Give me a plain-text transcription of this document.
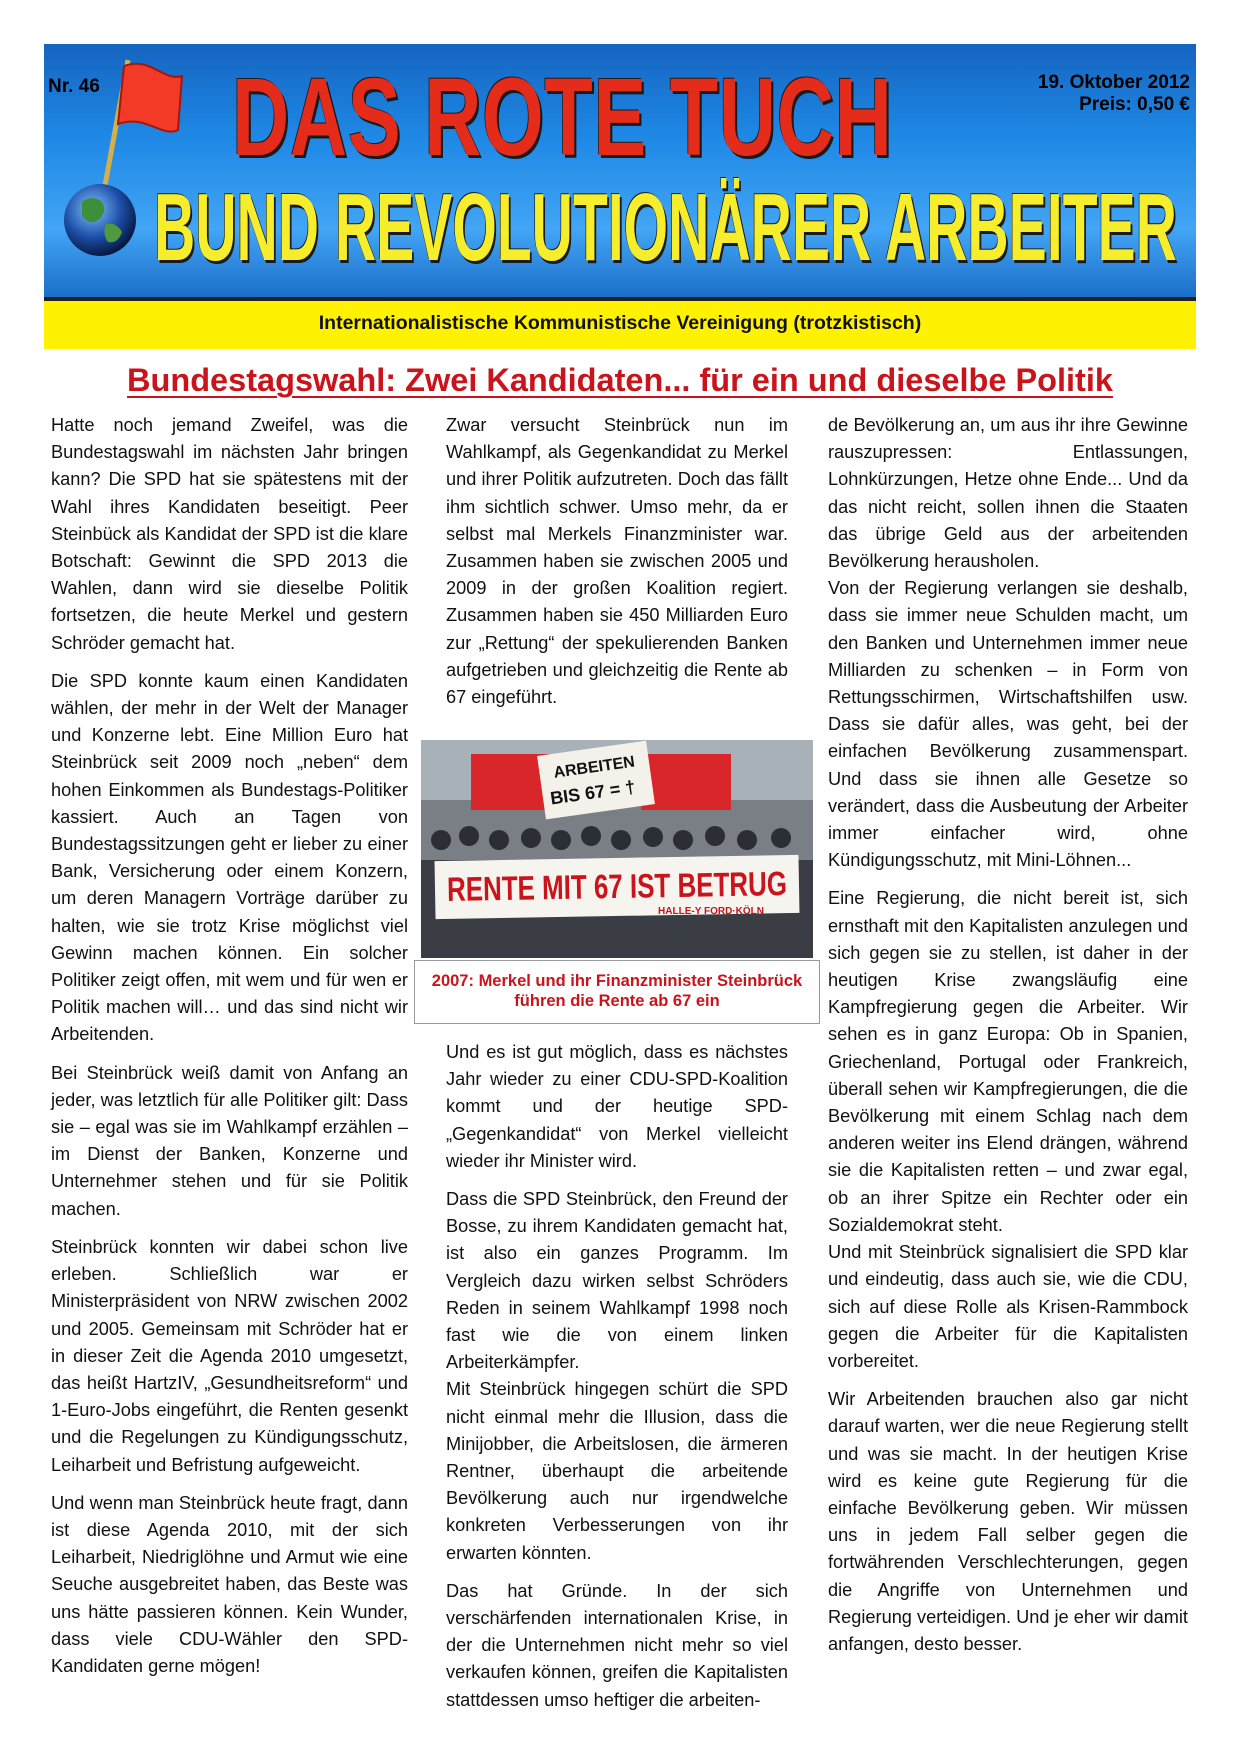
Nr. 46 DAS ROTE TUCH	19. Oktober 2012
Preis: 0,50 €
BUND REVOLUTIONÄRER ARBEITER
Internationalistische Kommunistische Vereinigung (trotzkistisch)
Bundestagswahl: Zwei Kandidaten... für ein und dieselbe Politik

Hatte noch jemand Zweifel, was die Bundestagswahl im nächsten Jahr bringen kann? Die SPD hat sie spätestens mit der Wahl ihres Kandidaten beseitigt. Peer Steinbück als Kandidat der SPD ist die klare Botschaft: Gewinnt die SPD 2013 die Wahlen, dann wird sie dieselbe Politik fortsetzen, die heute Merkel und gestern Schröder gemacht hat.

Die SPD konnte kaum einen Kandidaten wählen, der mehr in der Welt der Manager und Konzerne lebt. Eine Million Euro hat Steinbrück seit 2009 noch „neben“ dem hohen Einkommen als Bundestags-Politiker kassiert. Auch an Tagen von Bundestagssitzungen geht er lieber zu einer Bank, Versicherung oder einem Konzern, um deren Managern Vorträge darüber zu halten, wie sie trotz Krise möglichst viel Gewinn machen können. Ein solcher Politiker zeigt offen, mit wem und für wen er Politik machen will… und das sind nicht wir Arbeitenden.

Bei Steinbrück weiß damit von Anfang an jeder, was letztlich für alle Politiker gilt: Dass sie – egal was sie im Wahlkampf erzählen – im Dienst der Banken, Konzerne und Unternehmer stehen und für sie Politik machen.

Steinbrück konnten wir dabei schon live erleben. Schließlich war er Ministerpräsident von NRW zwischen 2002 und 2005. Gemeinsam mit Schröder hat er in dieser Zeit die Agenda 2010 umgesetzt, das heißt HartzIV, „Gesundheitsreform“ und 1-Euro-Jobs eingeführt, die Renten gesenkt und die Regelungen zu Kündigungsschutz, Leiharbeit und Befristung aufgeweicht.

Und wenn man Steinbrück heute fragt, dann ist diese Agenda 2010, mit der sich Leiharbeit, Niedriglöhne und Armut wie eine Seuche ausgebreitet haben, das Beste was uns hätte passieren können. Kein Wunder, dass viele CDU-Wähler den SPD-Kandidaten gerne mögen!

Zwar versucht Steinbrück nun im Wahlkampf, als Gegenkandidat zu Merkel und ihrer Politik aufzutreten. Doch das fällt ihm sichtlich schwer. Umso mehr, da er selbst mal Merkels Finanzminister war. Zusammen haben sie zwischen 2005 und 2009 in der großen Koalition regiert. Zusammen haben sie 450 Milliarden Euro zur „Rettung“ der spekulierenden Banken aufgetrieben und gleichzeitig die Rente ab 67 eingeführt.

ARBEITEN
BIS 67 = †
RENTE MIT 67 IST BETRUG
HALLE-Y FORD·KÖLN
2007: Merkel und ihr Finanzminister Steinbrück führen die Rente ab 67 ein

Und es ist gut möglich, dass es nächstes Jahr wieder zu einer CDU-SPD-Koalition kommt und der heutige SPD-„Gegenkandidat“ von Merkel vielleicht wieder ihr Minister wird.

Dass die SPD Steinbrück, den Freund der Bosse, zu ihrem Kandidaten gemacht hat, ist also ein ganzes Programm. Im Vergleich dazu wirken selbst Schröders Reden in seinem Wahlkampf 1998 noch fast wie die von einem linken Arbeiterkämpfer.

Mit Steinbrück hingegen schürt die SPD nicht einmal mehr die Illusion, dass die Minijobber, die Arbeitslosen, die ärmeren Rentner, überhaupt die arbeitende Bevölkerung auch nur irgendwelche konkreten Verbesserungen von ihr erwarten könnten.

Das hat Gründe. In der sich verschärfenden internationalen Krise, in der die Unternehmen nicht mehr so viel verkaufen können, greifen die Kapitalisten stattdessen umso heftiger die arbeiten-

de Bevölkerung an, um aus ihr ihre Gewinne rauszupressen: Entlassungen, Lohnkürzungen, Hetze ohne Ende... Und da das nicht reicht, sollen ihnen die Staaten das übrige Geld aus der arbeitenden Bevölkerung herausholen.

Von der Regierung verlangen sie deshalb, dass sie immer neue Schulden macht, um den Banken und Unternehmen immer neue Milliarden zu schenken – in Form von Rettungsschirmen, Wirtschaftshilfen usw. Dass sie dafür alles, was geht, bei der einfachen Bevölkerung zusammenspart. Und dass sie ihnen alle Gesetze so verändert, dass die Ausbeutung der Arbeiter immer einfacher wird, ohne Kündigungsschutz, mit Mini-Löhnen...

Eine Regierung, die nicht bereit ist, sich ernsthaft mit den Kapitalisten anzulegen und sich gegen sie zu stellen, ist daher in der heutigen Krise zwangsläufig eine Kampfregierung gegen die Arbeiter. Wir sehen es in ganz Europa: Ob in Spanien, Griechenland, Portugal oder Frankreich, überall sehen wir Kampfregierungen, die die Bevölkerung mit einem Schlag nach dem anderen weiter ins Elend drängen, während sie die Kapitalisten retten – und zwar egal, ob an ihrer Spitze ein Rechter oder ein Sozialdemokrat steht.

Und mit Steinbrück signalisiert die SPD klar und eindeutig, dass auch sie, wie die CDU, sich auf diese Rolle als Krisen-Rammbock gegen die Arbeiter für die Kapitalisten vorbereitet.

Wir Arbeitenden brauchen also gar nicht darauf warten, wer die neue Regierung stellt und was sie macht. In der heutigen Krise wird es keine gute Regierung für die einfache Bevölkerung geben. Wir müssen uns in jedem Fall selber gegen die fortwährenden Verschlechterungen, gegen die Angriffe von Unternehmen und Regierung verteidigen. Und je eher wir damit anfangen, desto besser.
